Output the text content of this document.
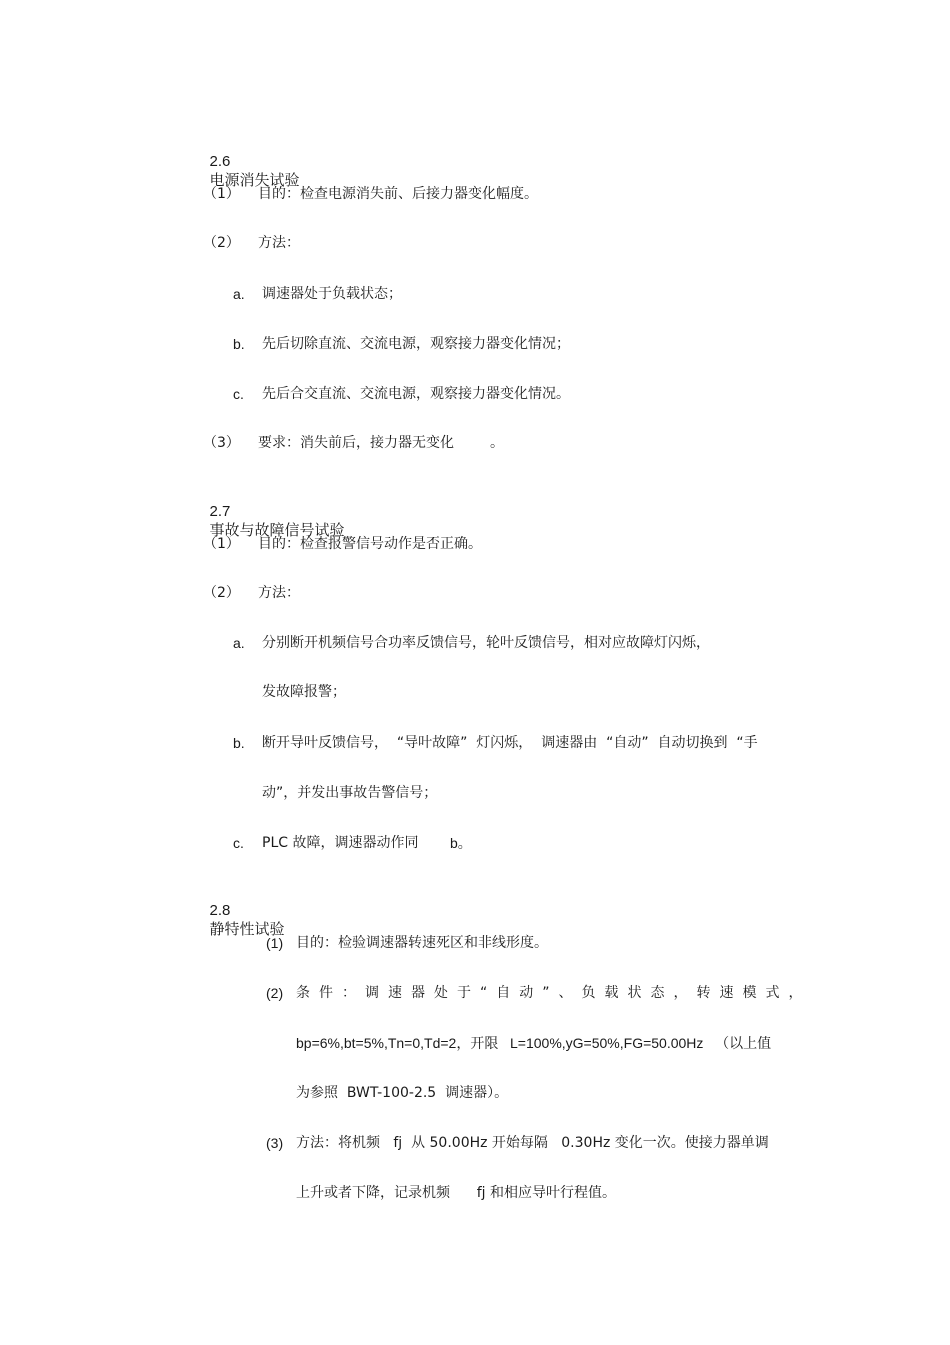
2.6
电源消失试验

（1） 目的：检查电源消失前、后接力器变化幅度。
（2） 方法：
a. 调速器处于负载状态；
b. 先后切除直流、交流电源，观察接力器变化情况；
c. 先后合交直流、交流电源，观察接力器变化情况。
（3） 要求：消失前后，接力器无变化	。

2.7
事故与故障信号试验

（1） 目的：检查报警信号动作是否正确。
（2） 方法：
a. 分别断开机频信号合功率反馈信号，轮叶反馈信号，相对应故障灯闪烁，
发故障报警；
b. 断开导叶反馈信号，  “导叶故障”  灯闪烁，  调速器由  “自动”  自动切换到  “手
动”，并发出事故告警信号；
c. PLC 故障，调速器动作同 b。

2.8
静特性试验

(1) 目的：检验调速器转速死区和非线形度。
(2) 条件：调速器处于“自动”、负载状态，转速模式，
bp=6%,bt=5%,Tn=0,Td=2，开限   L=100%,yG=50%,FG=50.00Hz   （以上值
为参照  BWT-100-2.5  调速器）。
(3) 方法：将机频   fj  从 50.00Hz 开始每隔   0.30Hz 变化一次。使接力器单调
上升或者下降，记录机频      fj 和相应导叶行程值。
